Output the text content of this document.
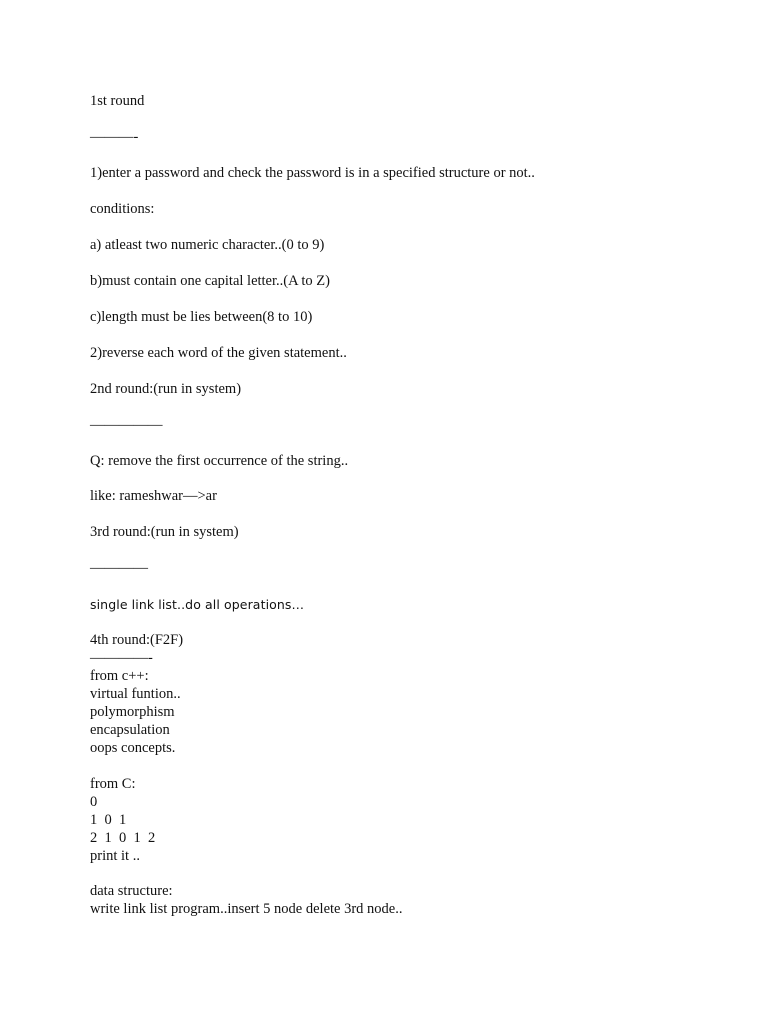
1st round

———-

1)enter a password and check the password is in a specified structure or not..

conditions:

a) atleast two numeric character..(0 to 9)

b)must contain one capital letter..(A to Z)

c)length must be lies between(8 to 10)

2)reverse each word of the given statement..

2nd round:(run in system)

—————

Q: remove the first occurrence of the string..

like: rameshwar—>ar

3rd round:(run in system)

————

single link list..do all operations…

4th round:(F2F)

————-

from c++:

virtual funtion..

polymorphism

encapsulation

oops concepts.

from C:

0

1  0  1

2  1  0  1  2

print it ..

data structure:

write link list program..insert 5 node delete 3rd node..
